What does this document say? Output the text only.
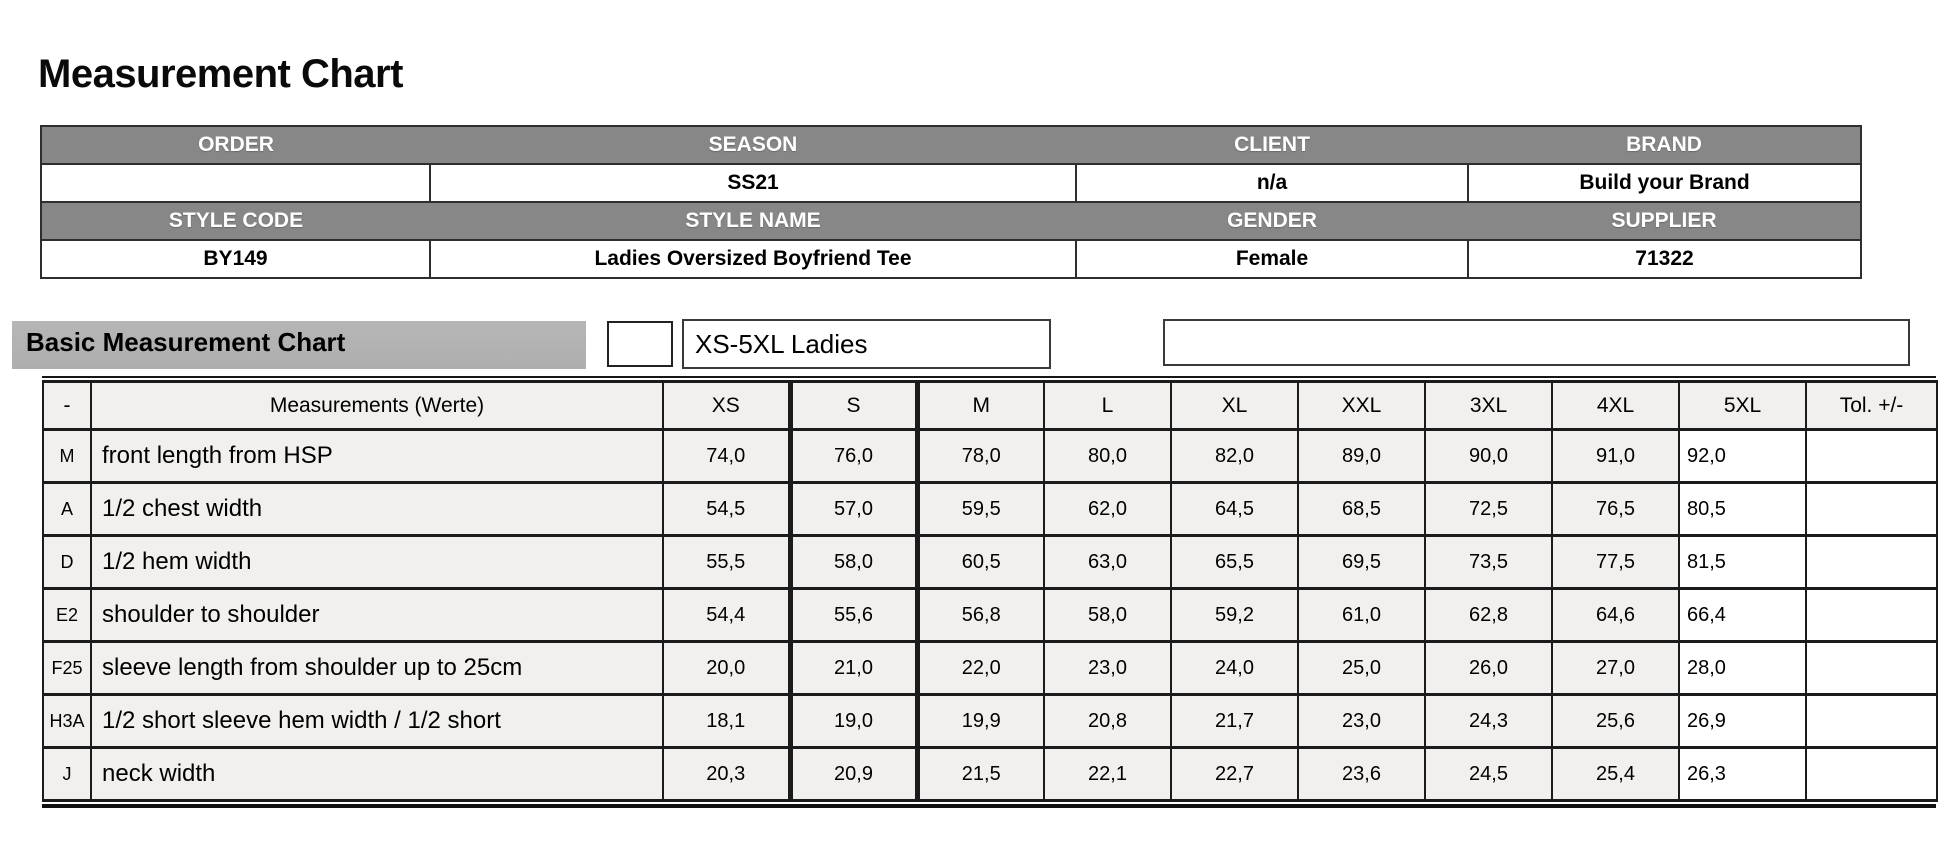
Measurement Chart
ORDER	SEASON	CLIENT	BRAND
	SS21	n/a	Build your Brand
STYLE CODE	STYLE NAME	GENDER	SUPPLIER
BY149	Ladies Oversized Boyfriend Tee	Female	71322
Basic Measurement Chart	XS-5XL Ladies
-	Measurements (Werte)	XS	S	M	L	XL	XXL	3XL	4XL	5XL	Tol. +/-
M	front length from HSP	74,0	76,0	78,0	80,0	82,0	89,0	90,0	91,0	92,0	
A	1/2 chest width	54,5	57,0	59,5	62,0	64,5	68,5	72,5	76,5	80,5	
D	1/2 hem width	55,5	58,0	60,5	63,0	65,5	69,5	73,5	77,5	81,5	
E2	shoulder to shoulder	54,4	55,6	56,8	58,0	59,2	61,0	62,8	64,6	66,4	
F25	sleeve length from shoulder up to 25cm	20,0	21,0	22,0	23,0	24,0	25,0	26,0	27,0	28,0	
H3A	1/2 short sleeve hem width / 1/2 short	18,1	19,0	19,9	20,8	21,7	23,0	24,3	25,6	26,9	
J	neck width	20,3	20,9	21,5	22,1	22,7	23,6	24,5	25,4	26,3	
